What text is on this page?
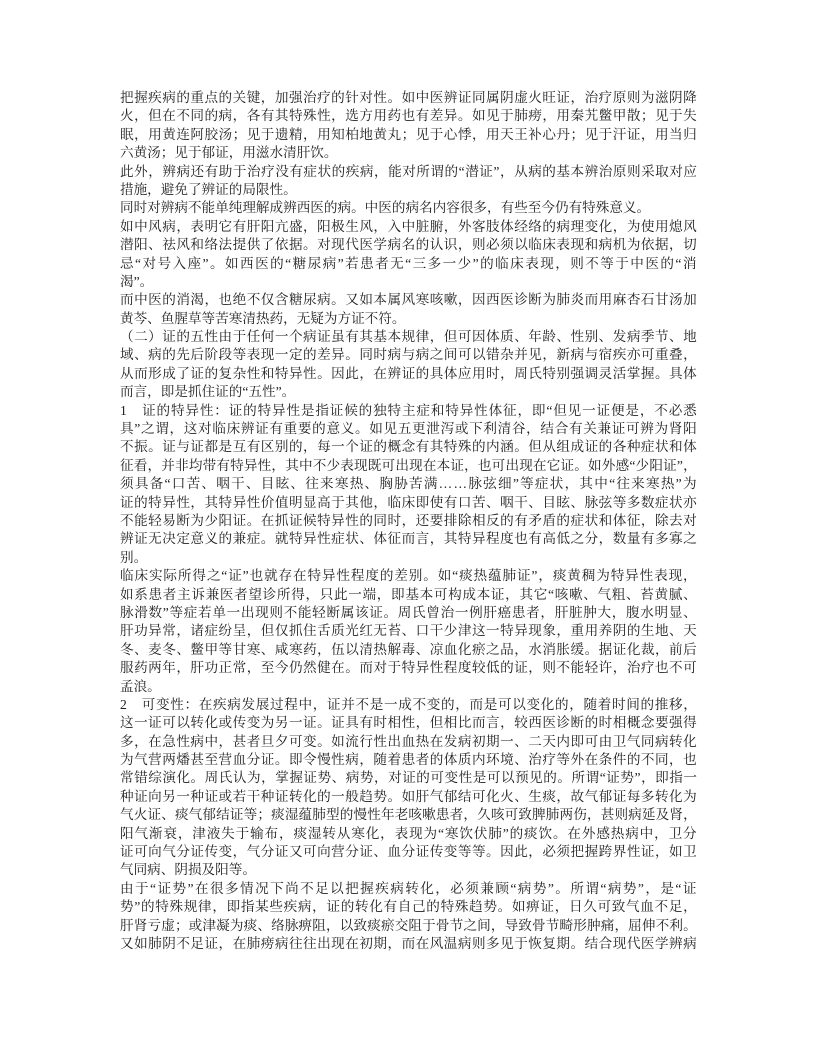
把 握 疾 病 的 重 点 的 关 键 ， 加 强 治 疗 的 针 对 性 。 如 中 医 辨 证 同 属 阴 虚 火 旺 证 ， 治 疗 原 则 为 滋 阴 降
火 ， 但 在 不 同 的 病 ， 各 有 其 特 殊 性 ， 选 方 用 药 也 有 差 异 。 如 见 于 肺 痨 ， 用 秦 艽 鳖 甲 散 ； 见 于 失
眠 ， 用 黄 连 阿 胶 汤 ； 见 于 遗 精 ， 用 知 柏 地 黄 丸 ； 见 于 心 悸 ， 用 天 王 补 心 丹 ； 见 于 汗 证 ， 用 当 归
六黄汤；见于郁证，用滋水清肝饮。
此 外 ， 辨 病 还 有 助 于 治 疗 没 有 症 状 的 疾 病 ， 能 对 所 谓 的 “ 潜 证 ” ， 从 病 的 基 本 辨 治 原 则 采 取 对 应
措施，避免了辨证的局限性。
同时对辨病不能单纯理解成辨西医的病。中医的病名内容很多，有些至今仍有特殊意义。
如 中 风 病 ， 表 明 它 有 肝 阳 亢 盛 ， 阳 极 生 风 ， 入 中 脏 腑 ， 外 客 肢 体 经 络 的 病 理 变 化 ， 为 使 用 熄 风
潜 阳 、 祛 风 和 络 法 提 供 了 依 据 。 对 现 代 医 学 病 名 的 认 识 ， 则 必 须 以 临 床 表 现 和 病 机 为 依 据 ， 切
忌 “ 对 号 入 座 ” 。 如 西 医 的 “ 糖 尿 病 ” 若 患 者 无 “ 三 多 一 少 ” 的 临 床 表 现 ， 则 不 等 于 中 医 的 “ 消
渴”。
而 中 医 的 消 渴 ， 也 绝 不 仅 含 糖 尿 病 。 又 如 本 属 风 寒 咳 嗽 ， 因 西 医 诊 断 为 肺 炎 而 用 麻 杏 石 甘 汤 加
黄芩、鱼腥草等苦寒清热药，无疑为方证不符。
（ 二 ） 证 的 五 性 由 于 任 何 一 个 病 证 虽 有 其 基 本 规 律 ， 但 可 因 体 质 、 年 龄 、 性 别 、 发 病 季 节 、 地
域 、 病 的 先 后 阶 段 等 表 现 一 定 的 差 异 。 同 时 病 与 病 之 间 可 以 错 杂 并 见 ， 新 病 与 宿 疾 亦 可 重 叠 ，
从 而 形 成 了 证 的 复 杂 性 和 特 异 性 。 因 此 ， 在 辨 证 的 具 体 应 用 时 ， 周 氏 特 别 强 调 灵 活 掌 握 。 具 体
而言，即是抓住证的“五性”。
1
　 证 的 特 异 性 ： 证 的 特 异 性 是 指 证 候 的 独 特 主 症 和 特 异 性 体 征 ， 即 “ 但 见 一 证 便 是 ， 不 必 悉
具 ” 之 谓 ， 这 对 临 床 辨 证 有 重 要 的 意 义 。 如 见 五 更 泄 泻 或 下 利 清 谷 ， 结 合 有 关 兼 证 可 辨 为 肾 阳
不 振 。 证 与 证 都 是 互 有 区 别 的 ， 每 一 个 证 的 概 念 有 其 特 殊 的 内 涵 。 但 从 组 成 证 的 各 种 症 状 和 体
征 看 ， 并 非 均 带 有 特 异 性 ， 其 中 不 少 表 现 既 可 出 现 在 本 证 ， 也 可 出 现 在 它 证 。 如 外 感 “ 少 阳 证 ” ，
须 具 备 “ 口 苦 、 咽 干 、 目 眩 、 往 来 寒 热 、 胸 胁 苦 满 … … 脉 弦 细 ” 等 症 状 ， 其 中 “ 往 来 寒 热 ” 为
证 的 特 异 性 ， 其 特 异 性 价 值 明 显 高 于 其 他 ， 临 床 即 使 有 口 苦 、 咽 干 、 目 眩 、 脉 弦 等 多 数 症 状 亦
不 能 轻 易 断 为 少 阳 证 。 在 抓 证 候 特 异 性 的 同 时 ， 还 要 排 除 相 反 的 有 矛 盾 的 症 状 和 体 征 ， 除 去 对
辨 证 无 决 定 意 义 的 兼 症 。 就 特 异 性 症 状 、 体 征 而 言 ， 其 特 异 程 度 也 有 高 低 之 分 ， 数 量 有 多 寡 之
别。
临 床 实 际 所 得 之 “ 证 ” 也 就 存 在 特 异 性 程 度 的 差 别 。 如 “ 痰 热 蕴 肺 证 ” ， 痰 黄 稠 为 特 异 性 表 现 ，
如 系 患 者 主 诉 兼 医 者 望 诊 所 得 ， 只 此 一 端 ， 即 基 本 可 构 成 本 证 ， 其 它 “ 咳 嗽 、 气 粗 、 苔 黄 腻 、
脉 滑 数 ” 等 症 若 单 一 出 现 则 不 能 轻 断 属 该 证 。 周 氏 曾 治 一 例 肝 癌 患 者 ， 肝 脏 肿 大 ， 腹 水 明 显 、
肝 功 异 常 ， 诸 症 纷 呈 ， 但 仅 抓 住 舌 质 光 红 无 苔 、 口 干 少 津 这 一 特 异 现 象 ， 重 用 养 阴 的 生 地 、 天
冬 、 麦 冬 、 鳖 甲 等 甘 寒 、 咸 寒 药 ， 伍 以 清 热 解 毒 、 凉 血 化 瘀 之 品 ， 水 消 胀 缓 。 据 证 化 裁 ， 前 后
服 药 两 年 ， 肝 功 正 常 ， 至 今 仍 然 健 在 。 而 对 于 特 异 性 程 度 较 低 的 证 ， 则 不 能 轻 许 ， 治 疗 也 不 可
孟浪。
2
　 可 变 性 ： 在 疾 病 发 展 过 程 中 ， 证 并 不 是 一 成 不 变 的 ， 而 是 可 以 变 化 的 ， 随 着 时 间 的 推 移 ，
这 一 证 可 以 转 化 或 传 变 为 另 一 证 。 证 具 有 时 相 性 ， 但 相 比 而 言 ， 较 西 医 诊 断 的 时 相 概 念 要 强 得
多 ， 在 急 性 病 中 ， 甚 者 旦 夕 可 变 。 如 流 行 性 出 血 热 在 发 病 初 期 一 、 二 天 内 即 可 由 卫 气 同 病 转 化
为 气 营 两 燔 甚 至 营 血 分 证 。 即 令 慢 性 病 ， 随 着 患 者 的 体 质 内 环 境 、 治 疗 等 外 在 条 件 的 不 同 ， 也
常 错 综 演 化 。 周 氏 认 为 ， 掌 握 证 势 、 病 势 ， 对 证 的 可 变 性 是 可 以 预 见 的 。 所 谓 “ 证 势 ” ， 即 指 一
种 证 向 另 一 种 证 或 若 干 种 证 转 化 的 一 般 趋 势 。 如 肝 气 郁 结 可 化 火 、 生 痰 ， 故 气 郁 证 每 多 转 化 为
气 火 证 、 痰 气 郁 结 证 等 ； 痰 湿 蕴 肺 型 的 慢 性 年 老 咳 嗽 患 者 ， 久 咳 可 致 脾 肺 两 伤 ， 甚 则 病 延 及 肾 ，
阳 气 渐 衰 ， 津 液 失 于 输 布 ， 痰 湿 转 从 寒 化 ， 表 现 为 “ 寒 饮 伏 肺 ” 的 痰 饮 。 在 外 感 热 病 中 ， 卫 分
证 可 向 气 分 证 传 变 ， 气 分 证 又 可 向 营 分 证 、 血 分 证 传 变 等 等 。 因 此 ， 必 须 把 握 跨 界 性 证 ， 如 卫
气同病、阴损及阳等。
由 于 “ 证 势 ” 在 很 多 情 况 下 尚 不 足 以 把 握 疾 病 转 化 ， 必 须 兼 顾 “ 病 势 ” 。 所 谓 “ 病 势 ” ， 是 “ 证
势 ” 的 特 殊 规 律 ， 即 指 某 些 疾 病 ， 证 的 转 化 有 自 己 的 特 殊 趋 势 。 如 痹 证 ， 日 久 可 致 气 血 不 足 ，
肝 肾 亏 虚 ； 或 津 凝 为 痰 、 络 脉 痹 阻 ， 以 致 痰 瘀 交 阻 于 骨 节 之 间 ， 导 致 骨 节 畸 形 肿 痛 ， 屈 伸 不 利 。
又 如 肺 阴 不 足 证 ， 在 肺 痨 病 往 往 出 现 在 初 期 ， 而 在 风 温 病 则 多 见 于 恢 复 期 。 结 合 现 代 医 学 辨 病
